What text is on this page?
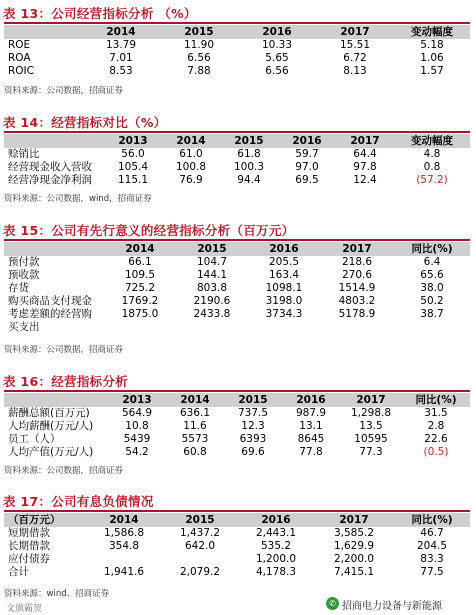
表 13：公司经营指标分析 （%）
	2014	2015	2016	2017	变动幅度
ROE	13.79	11.90	10.33	15.51	5.18
ROA	7.01	6.56	5.65	6.72	1.06
ROIC	8.53	7.88	6.56	8.13	1.57
资料来源：公司数据，招商证券
表 14：经营指标对比（%）
	2013	2014	2015	2016	2017	变动幅度
赊销比	56.0	61.0	61.8	59.7	64.4	4.8
经营现金收入营收	105.4	100.8	100.3	97.0	97.8	0.8
经营净现金净利润	115.1	76.9	94.4	69.5	12.4	(57.2)
资料来源：公司数据，wind，招商证券
表 15：公司有先行意义的经营指标分析（百万元）
	2014	2015	2016	2017	同比(%)
预付款	66.1	104.7	205.5	218.6	6.4
预收款	109.5	144.1	163.4	270.6	65.6
存货	725.2	803.8	1098.1	1514.9	38.0
购买商品支付现金	1769.2	2190.6	3198.0	4803.2	50.2
考虑差额的经营购	1875.0	2433.8	3734.3	5178.9	38.7
买支出					
资料来源：公司数据，招商证券
表 16：经营指标分析
	2013	2014	2015	2016	2017	同比(%)
薪酬总额(百万元)	564.9	636.1	737.5	987.9	1,298.8	31.5
人均薪酬(万元/人)	10.8	11.6	12.3	13.1	13.5	2.8
员工（人）	5439	5573	6393	8645	10595	22.6
人均产值(万元/人)	54.2	60.8	69.6	77.8	77.3	(0.5)
资料来源：公司数据，招商证券
表 17：公司有息负债情况
（百万元）	2014	2015	2016	2017	同比(%)
短期借款	1,586.8	1,437.2	2,443.1	3,585.2	46.7
长期借款	354.8	642.0	535.2	1,629.9	204.5
应付债券			1,200.0	2,200.0	83.3
合计	1,941.6	2,079.2	4,178.3	7,415.1	77.5
资料来源：wind、招商证券
文旗霸贺
✆ 招商电力设备与新能源
